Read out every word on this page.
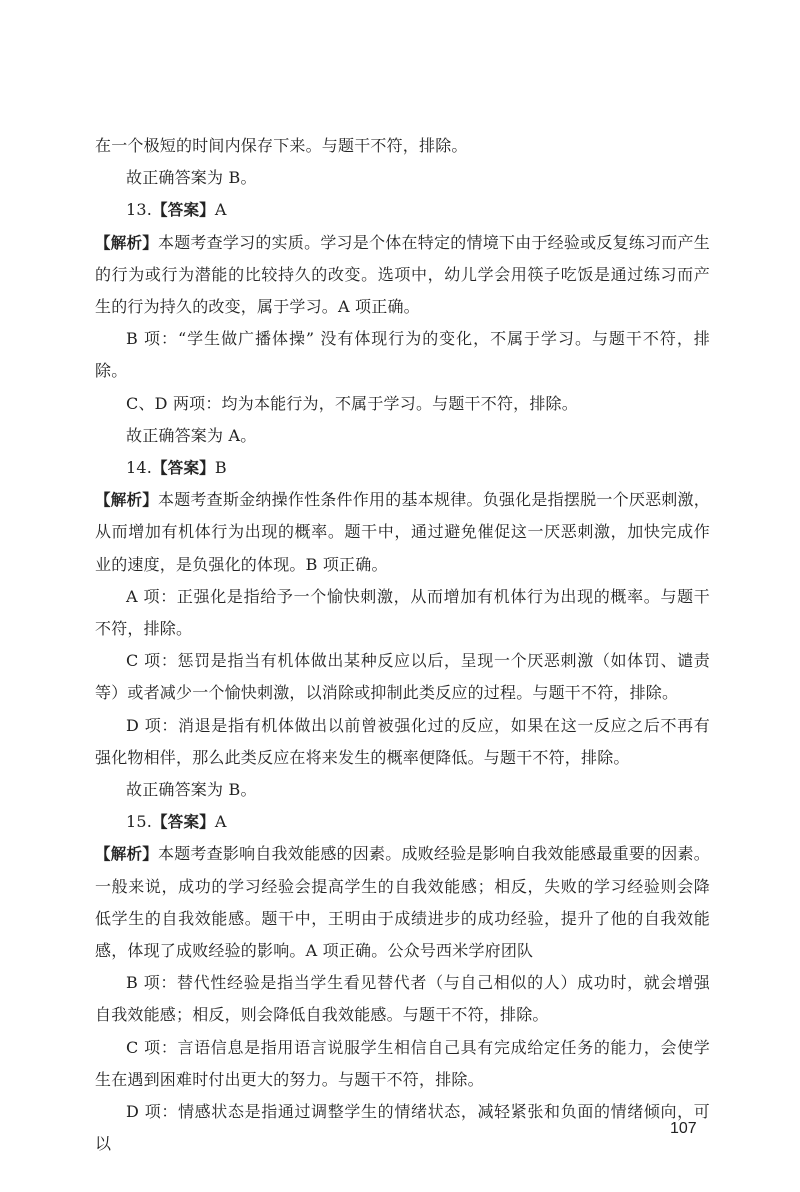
在一个极短的时间内保存下来。与题干不符，排除。

故正确答案为 B。

13.【答案】A

【解析】本题考查学习的实质。学习是个体在特定的情境下由于经验或反复练习而产生的行为或行为潜能的比较持久的改变。选项中，幼儿学会用筷子吃饭是通过练习而产生的行为持久的改变，属于学习。A 项正确。

B 项：“学生做广播体操” 没有体现行为的变化，不属于学习。与题干不符，排除。

C、D 两项：均为本能行为，不属于学习。与题干不符，排除。

故正确答案为 A。

14.【答案】B

【解析】本题考查斯金纳操作性条件作用的基本规律。负强化是指摆脱一个厌恶刺激，从而增加有机体行为出现的概率。题干中，通过避免催促这一厌恶刺激，加快完成作业的速度，是负强化的体现。B 项正确。

A 项：正强化是指给予一个愉快刺激，从而增加有机体行为出现的概率。与题干不符，排除。

C 项：惩罚是指当有机体做出某种反应以后，呈现一个厌恶刺激（如体罚、谴责等）或者减少一个愉快刺激，以消除或抑制此类反应的过程。与题干不符，排除。

D 项：消退是指有机体做出以前曾被强化过的反应，如果在这一反应之后不再有强化物相伴，那么此类反应在将来发生的概率便降低。与题干不符，排除。

故正确答案为 B。

15.【答案】A

【解析】本题考查影响自我效能感的因素。成败经验是影响自我效能感最重要的因素。一般来说，成功的学习经验会提高学生的自我效能感；相反，失败的学习经验则会降低学生的自我效能感。题干中，王明由于成绩进步的成功经验，提升了他的自我效能感，体现了成败经验的影响。A 项正确。公众号西米学府团队

B 项：替代性经验是指当学生看见替代者（与自己相似的人）成功时，就会增强自我效能感；相反，则会降低自我效能感。与题干不符，排除。

C 项：言语信息是指用语言说服学生相信自己具有完成给定任务的能力，会使学生在遇到困难时付出更大的努力。与题干不符，排除。

D 项：情感状态是指通过调整学生的情绪状态，减轻紧张和负面的情绪倾向，可以

107
